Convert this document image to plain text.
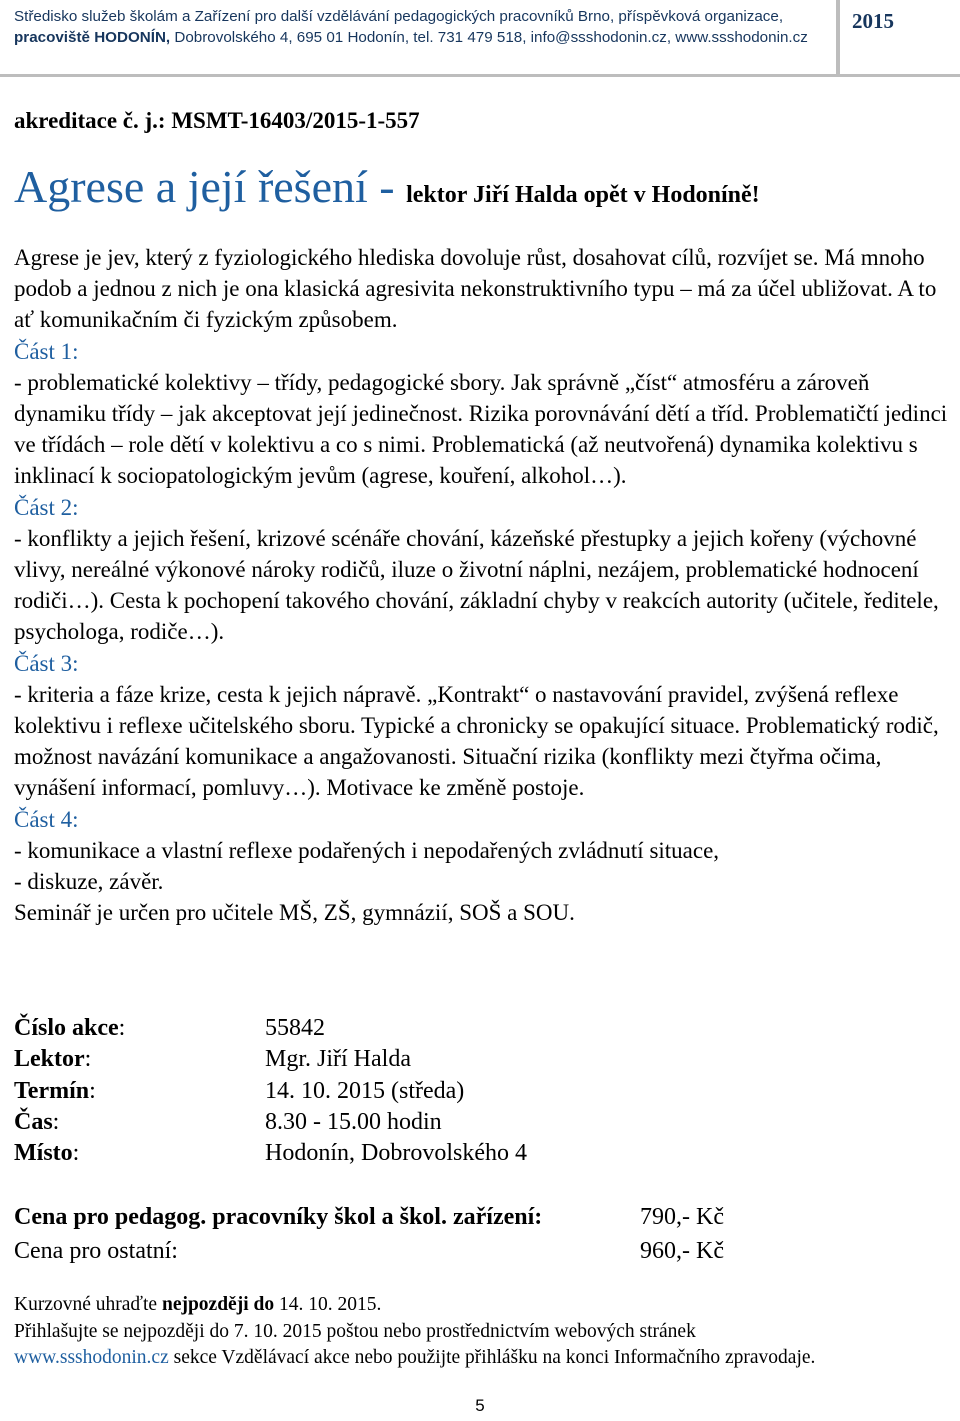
Středisko služeb školám a Zařízení pro další vzdělávání pedagogických pracovníků Brno, příspěvková organizace,
pracoviště HODONÍN, Dobrovolského 4, 695 01 Hodonín, tel. 731 479 518, info@ssshodonin.cz, www.ssshodonin.cz
2015
akreditace č. j.: MSMT-16403/2015-1-557
Agrese a její řešení - lektor Jiří Halda opět v Hodoníně!

Agrese je jev, který z fyziologického hlediska dovoluje růst, dosahovat cílů, rozvíjet se. Má mnoho podob a jednou z nich je ona klasická agresivita nekonstruktivního typu – má za účel ubližovat. A to ať komunikačním či fyzickým způsobem.

Část 1:

- problematické kolektivy – třídy, pedagogické sbory. Jak správně „číst“ atmosféru a zároveň dynamiku třídy – jak akceptovat její jedinečnost. Rizika porovnávání dětí a tříd. Problematičtí jedinci ve třídách – role dětí v kolektivu a co s nimi. Problematická (až neutvořená) dynamika kolektivu s inklinací k sociopatologickým jevům (agrese, kouření, alkohol…).

Část 2:

- konflikty a jejich řešení, krizové scénáře chování, kázeňské přestupky a jejich kořeny (výchovné vlivy, nereálné výkonové nároky rodičů, iluze o životní náplni, nezájem, problematické hodnocení rodiči…). Cesta k pochopení takového chování, základní chyby v reakcích autority (učitele, ředitele, psychologa, rodiče…).

Část 3:

- kriteria a fáze krize, cesta k jejich nápravě. „Kontrakt“ o nastavování pravidel, zvýšená reflexe kolektivu i reflexe učitelského sboru. Typické a chronicky se opakující situace. Problematický rodič, možnost navázání komunikace a angažovanosti. Situační rizika (konflikty mezi čtyřma očima, vynášení informací, pomluvy…). Motivace ke změně postoje.

Část 4:

- komunikace a vlastní reflexe podařených i nepodařených zvládnutí situace,

- diskuze, závěr.

Seminář je určen pro učitele MŠ, ZŠ, gymnázií, SOŠ a SOU.

Číslo akce:	55842
Lektor:	Mgr. Jiří Halda
Termín:	14. 10. 2015 (středa)
Čas:	8.30 - 15.00 hodin
Místo:	Hodonín, Dobrovolského 4
Cena pro pedagog. pracovníky škol a škol. zařízení:	790,- Kč
Cena pro ostatní:	960,- Kč
Kurzovné uhraďte nejpozději do 14. 10. 2015.
Přihlašujte se nejpozději do 7. 10. 2015 poštou nebo prostřednictvím webových stránek
www.ssshodonin.cz sekce Vzdělávací akce nebo použijte přihlášku na konci Informačního zpravodaje.
5
